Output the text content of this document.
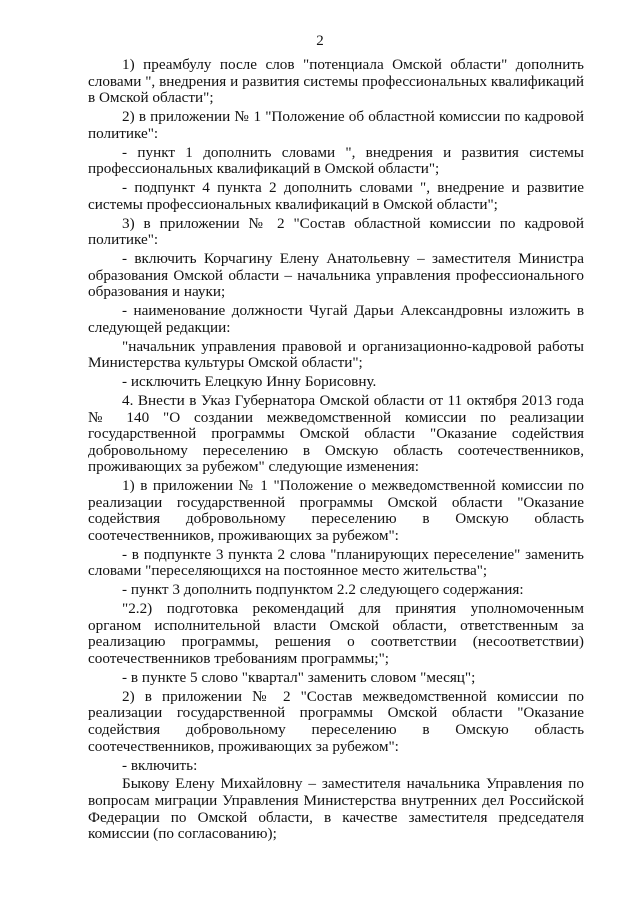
2

1) преамбулу после слов "потенциала Омской области" дополнить словами ", внедрения и развития системы профессиональных квалификаций в Омской области";

2) в приложении № 1 "Положение об областной комиссии по кадровой политике":

- пункт 1 дополнить словами ", внедрения и развития системы профессиональных квалификаций в Омской области";

- подпункт 4 пункта 2 дополнить словами ", внедрение и развитие системы профессиональных квалификаций в Омской области";

3) в приложении № 2 "Состав областной комиссии по кадровой политике":

- включить Корчагину Елену Анатольевну – заместителя Министра образования Омской области – начальника управления профессионального образования и науки;

- наименование должности Чугай Дарьи Александровны изложить в следующей редакции:

"начальник управления правовой и организационно-кадровой работы Министерства культуры Омской области";

- исключить Елецкую Инну Борисовну.

4. Внести в Указ Губернатора Омской области от 11 октября 2013 года № 140 "О создании межведомственной комиссии по реализации государственной программы Омской области "Оказание содействия добровольному переселению в Омскую область соотечественников, проживающих за рубежом" следующие изменения:

1) в приложении № 1 "Положение о межведомственной комиссии по реализации государственной программы Омской области "Оказание содействия добровольному переселению в Омскую область соотечественников, проживающих за рубежом":

- в подпункте 3 пункта 2 слова "планирующих переселение" заменить словами "переселяющихся на постоянное место жительства";

- пункт 3 дополнить подпунктом 2.2 следующего содержания:

"2.2) подготовка рекомендаций для принятия уполномоченным органом исполнительной власти Омской области, ответственным за реализацию программы, решения о соответствии (несоответствии) соотечественников требованиям программы;";

- в пункте 5 слово "квартал" заменить словом "месяц";

2) в приложении № 2 "Состав межведомственной комиссии по реализации государственной программы Омской области "Оказание содействия добровольному переселению в Омскую область соотечественников, проживающих за рубежом":

- включить:

Быкову Елену Михайловну – заместителя начальника Управления по вопросам миграции Управления Министерства внутренних дел Российской Федерации по Омской области, в качестве заместителя председателя комиссии (по согласованию);
